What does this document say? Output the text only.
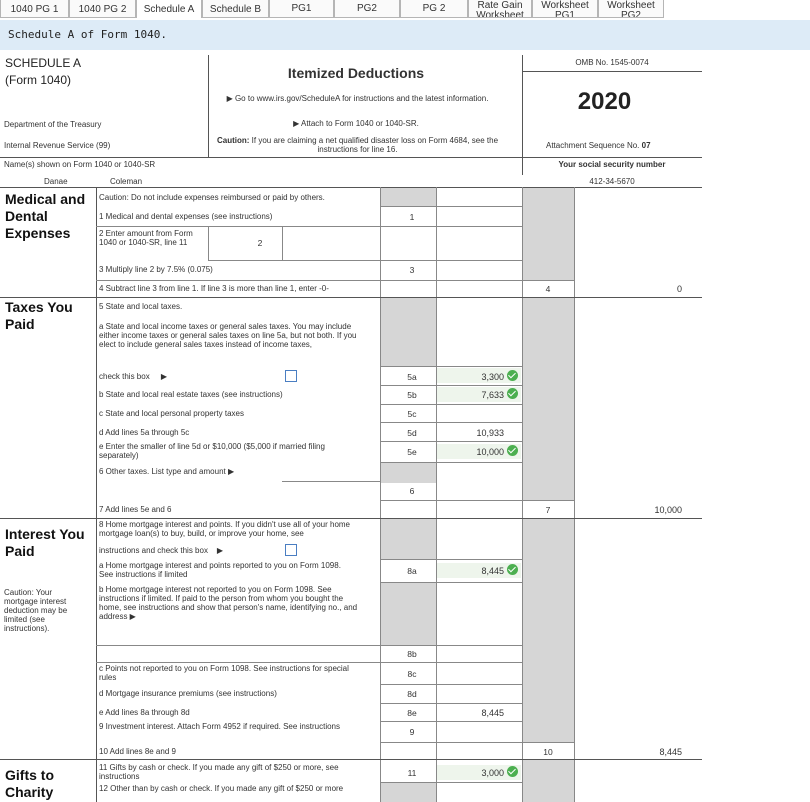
1040 PG 1	1040 PG 2	Schedule A	Schedule B	PG1	PG2	PG 2	Rate Gain Worksheet
Worksheet PG1
Worksheet PG2
Schedule A of Form 1040.
SCHEDULE A
(Form 1040)
Department of the Treasury
Internal Revenue Service (99)
Itemized Deductions
▶ Go to www.irs.gov/ScheduleA for instructions and the latest information.
▶ Attach to Form 1040 or 1040-SR.
Caution: If you are claiming a net qualified disaster loss on Form 4684, see the instructions for line 16.
OMB No. 1545-0074
2020
Attachment Sequence No. 07
Name(s) shown on Form 1040 or 1040-SR
Danae	Coleman
Your social security number
412-34-5670
Medical and Dental Expenses
Caution: Do not include expenses reimbursed or paid by others.
1 Medical and dental expenses (see instructions)	1
2 Enter amount from Form 1040 or 1040-SR, line 11	2
3 Multiply line 2 by 7.5% (0.075)	3
4 Subtract line 3 from line 1. If line 3 is more than line 1, enter -0-	4	0
Taxes You Paid
5 State and local taxes.
a State and local income taxes or general sales taxes. You may include either income taxes or general sales taxes on line 5a, but not both. If you elect to include general sales taxes instead of income taxes,
check this box     ▶	5a	3,300
b State and local real estate taxes (see instructions)	5b	7,633
c State and local personal property taxes	5c
d Add lines 5a through 5c	5d	10,933
e Enter the smaller of line 5d or $10,000 ($5,000 if married filing separately)	5e	10,000
6 Other taxes. List type and amount ▶
6
7 Add lines 5e and 6	7	10,000
Interest You Paid
Caution: Your mortgage interest deduction may be limited (see instructions).
8 Home mortgage interest and points. If you didn't use all of your home mortgage loan(s) to buy, build, or improve your home, see
instructions and check this box    ▶
a Home mortgage interest and points reported to you on Form 1098. See instructions if limited	8a	8,445
b Home mortgage interest not reported to you on Form 1098. See instructions if limited. If paid to the person from whom you bought the home, see instructions and show that person's name, identifying no., and address ▶
8b
c Points not reported to you on Form 1098. See instructions for special rules	8c
d Mortgage insurance premiums (see instructions)	8d
e Add lines 8a through 8d	8e	8,445
9 Investment interest. Attach Form 4952 if required. See instructions
9
10 Add lines 8e and 9	10	8,445
Gifts to Charity
11 Gifts by cash or check. If you made any gift of $250 or more, see instructions	11	3,000
12 Other than by cash or check. If you made any gift of $250 or more
